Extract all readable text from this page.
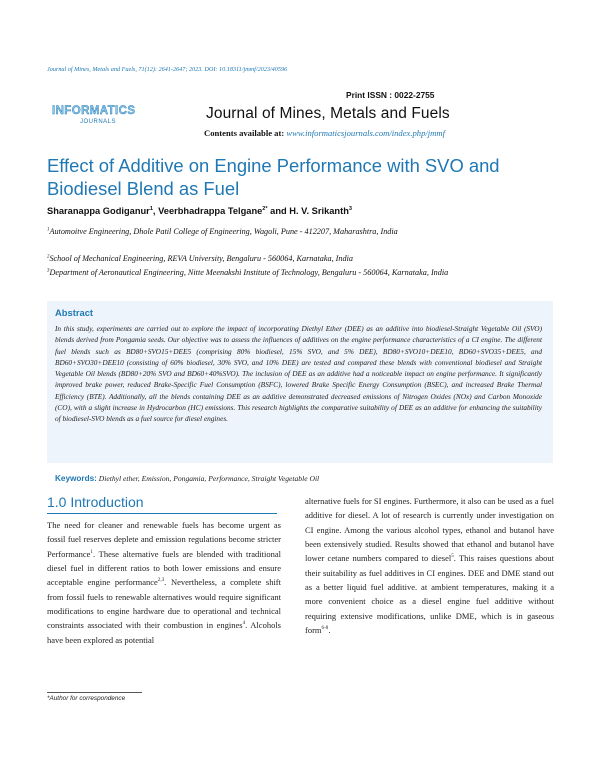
Journal of Mines, Metals and Fuels, 71(12): 2641-2647; 2023. DOI: 10.18311/jmmf/2023/40596
INFORMATICS
JOURNALS
Print ISSN : 0022-2755
Journal of Mines, Metals and Fuels
Contents available at: www.informaticsjournals.com/index.php/jmmf
Effect of Additive on Engine Performance with SVO and Biodiesel Blend as Fuel
Sharanappa Godiganur$^1$, Veerbhadrappa Telgane$^{2*}$ and H. V. Srikanth$^3$
$^1$Automoitve Engineering, Dhole Patil College of Engineering, Wagoli, Pune - 412207, Maharashtra, India
$^2$School of Mechanical Engineering, REVA University, Bengaluru - 560064, Karnataka, India
$^3$Department of Aeronautical Engineering, Nitte Meenakshi Institute of Technology, Bengaluru - 560064, Karnataka, India
Abstract
In this study, experiments are carried out to explore the impact of incorporating Diethyl Ether (DEE) as an additive into biodiesel-Straight Vegetable Oil (SVO) blends derived from Pongamia seeds. Our objective was to assess the influences of additives on the engine performance characteristics of a CI engine. The different fuel blends such as BD80+SVO15+DEE5 (comprising 80% biodiesel, 15% SVO, and 5% DEE), BD80+SVO10+DEE10, BD60+SVO35+DEE5, and BD60+SVO30+DEE10 (consisting of 60% biodiesel, 30% SVO, and 10% DEE) are tested and compared these blends with conventional biodiesel and Straight Vegetable Oil blends (BD80+20% SVO and BD60+40%SVO). The inclusion of DEE as an additive had a noticeable impact on engine performance. It significantly improved brake power, reduced Brake-Specific Fuel Consumption (BSFC), lowered Brake Specific Energy Consumption (BSEC), and increased Brake Thermal Efficiency (BTE). Additionally, all the blends containing DEE as an additive demonstrated decreased emissions of Nitrogen Oxides (NOx) and Carbon Monoxide (CO), with a slight increase in Hydrocarbon (HC) emissions. This research highlights the comparative suitability of DEE as an additive for enhancing the suitability of biodiesel-SVO blends as a fuel source for diesel engines.
Keywords: Diethyl ether, Emission, Pongamia, Performance, Straight Vegetable Oil
1.0 Introduction
The need for cleaner and renewable fuels has become urgent as fossil fuel reserves deplete and emission regulations become stricter Performance$^1$. These alternative fuels are blended with traditional diesel fuel in different ratios to both lower emissions and ensure acceptable engine performance$^{2,3}$. Nevertheless, a complete shift from fossil fuels to renewable alternatives would require significant modifications to engine hardware due to operational and technical constraints associated with their combustion in engines$^4$. Alcohols have been explored as potential
alternative fuels for SI engines. Furthermore, it also can be used as a fuel additive for diesel. A lot of research is currently under investigation on CI engine. Among the various alcohol types, ethanol and butanol have been extensively studied. Results showed that ethanol and butanol have lower cetane numbers compared to diesel$^5$. This raises questions about their suitability as fuel additives in CI engines. DEE and DME stand out as a better liquid fuel additive. at ambient temperatures, making it a more convenient choice as a diesel engine fuel additive without requiring extensive modifications, unlike DME, which is in gaseous form$^{6-8}$.
*Author for correspondence
